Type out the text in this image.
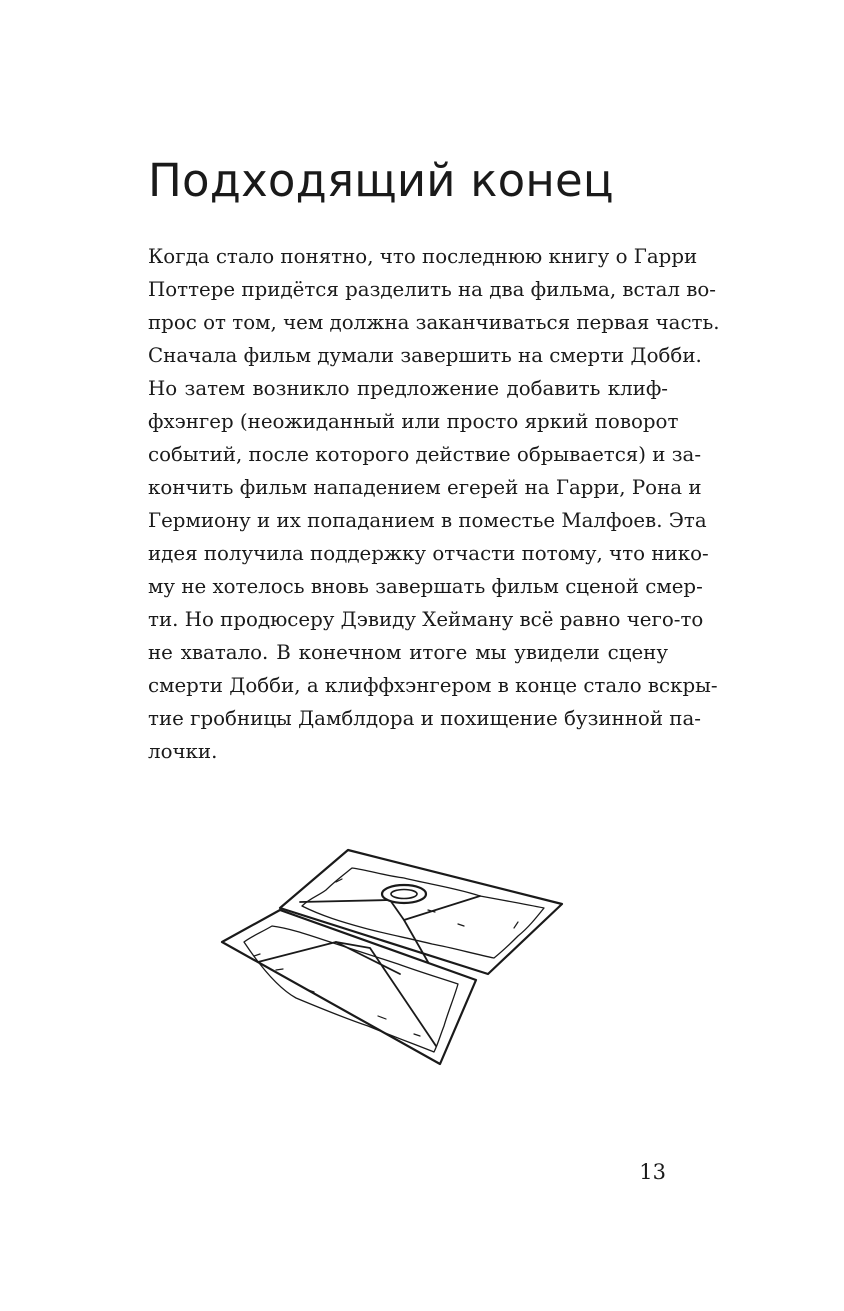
Подходящий конец
Когда стало понятно, что последнюю книгу о Гарри
Поттере придётся разделить на два фильма, встал во-
прос от том, чем должна заканчиваться первая часть.
Сначала фильм думали завершить на смерти Добби.
Но затем возникло предложение добавить клиф-
фхэнгер (неожиданный или просто яркий поворот
событий, после которого действие обрывается) и за-
кончить фильм нападением егерей на Гарри, Рона и
Гермиону и их попаданием в поместье Малфоев. Эта
идея получила поддержку отчасти потому, что нико-
му не хотелось вновь завершать фильм сценой смер-
ти. Но продюсеру Дэвиду Хейману всё равно чего-то
не хватало. В конечном итоге мы увидели сцену
смерти Добби, а клиффхэнгером в конце стало вскры-
тие гробницы Дамблдора и похищение бузинной па-
лочки.
13
